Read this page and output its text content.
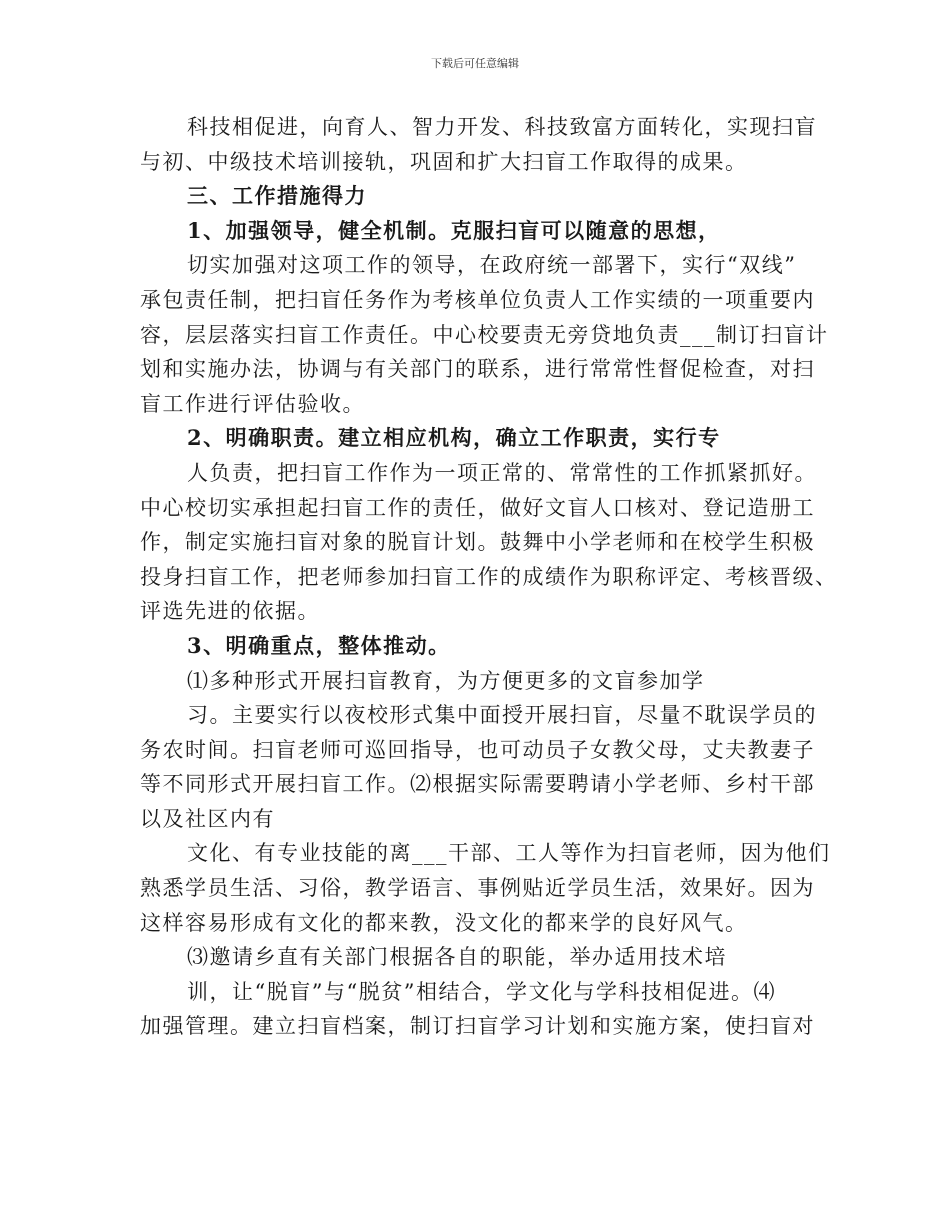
下载后可任意编辑

科技相促进，向育人、智力开发、科技致富方面转化，实现扫盲

与初、中级技术培训接轨，巩固和扩大扫盲工作取得的成果。

三、工作措施得力

1、加强领导，健全机制。克服扫盲可以随意的思想，

切实加强对这项工作的领导，在政府统一部署下，实行“双线”

承包责任制，把扫盲任务作为考核单位负责人工作实绩的一项重要内

容，层层落实扫盲工作责任。中心校要责无旁贷地负责___制订扫盲计

划和实施办法，协调与有关部门的联系，进行常常性督促检查，对扫

盲工作进行评估验收。

2、明确职责。建立相应机构，确立工作职责，实行专

人负责，把扫盲工作作为一项正常的、常常性的工作抓紧抓好。

中心校切实承担起扫盲工作的责任，做好文盲人口核对、登记造册工

作，制定实施扫盲对象的脱盲计划。鼓舞中小学老师和在校学生积极

投身扫盲工作，把老师参加扫盲工作的成绩作为职称评定、考核晋级、

评选先进的依据。

3、明确重点，整体推动。

⑴多种形式开展扫盲教育，为方便更多的文盲参加学

习。主要实行以夜校形式集中面授开展扫盲，尽量不耽误学员的

务农时间。扫盲老师可巡回指导，也可动员子女教父母，丈夫教妻子

等不同形式开展扫盲工作。⑵根据实际需要聘请小学老师、乡村干部

以及社区内有

文化、有专业技能的离___干部、工人等作为扫盲老师，因为他们

熟悉学员生活、习俗，教学语言、事例贴近学员生活，效果好。因为

这样容易形成有文化的都来教，没文化的都来学的良好风气。

⑶邀请乡直有关部门根据各自的职能，举办适用技术培

训，让“脱盲”与“脱贫”相结合，学文化与学科技相促进。⑷

加强管理。建立扫盲档案，制订扫盲学习计划和实施方案，使扫盲对
